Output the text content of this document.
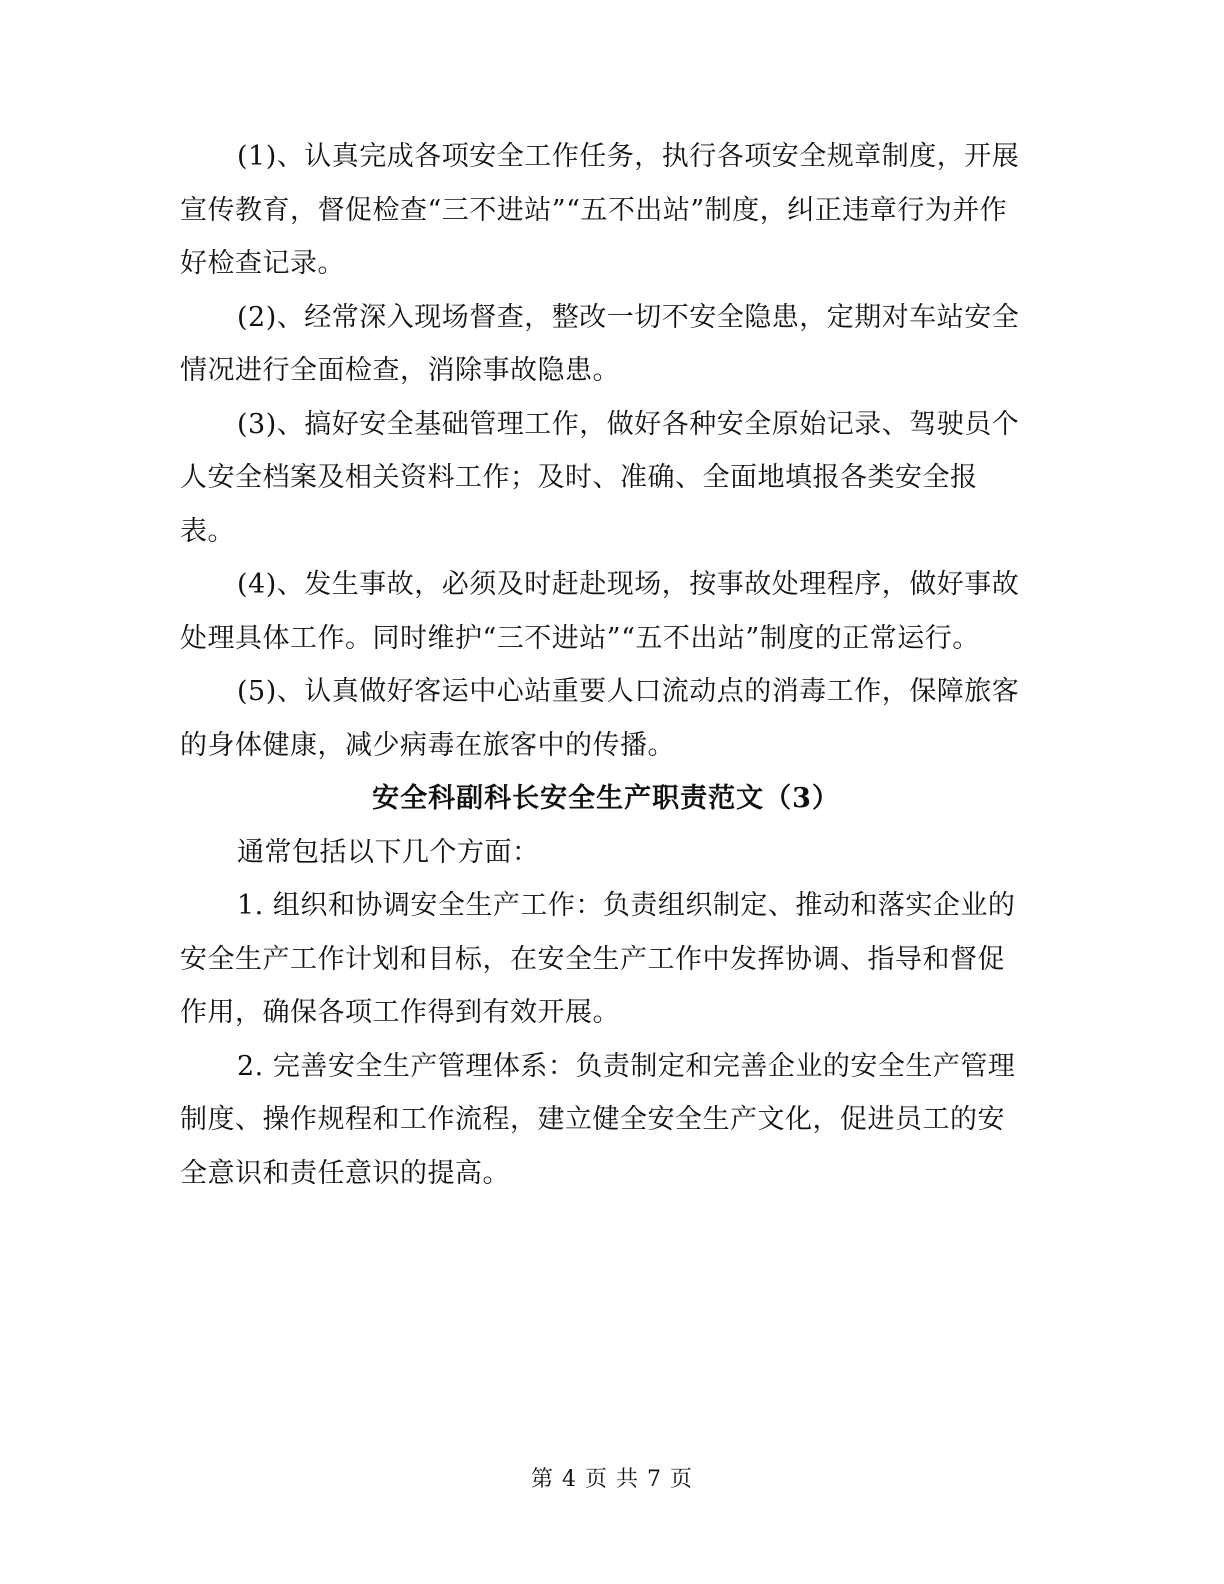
(1)、认真完成各项安全工作任务，执行各项安全规章制度，开展宣传教育，督促检查“三不进站”“五不出站”制度，纠正违章行为并作好检查记录。

(2)、经常深入现场督查，整改一切不安全隐患，定期对车站安全情况进行全面检查，消除事故隐患。

(3)、搞好安全基础管理工作，做好各种安全原始记录、驾驶员个人安全档案及相关资料工作；及时、准确、全面地填报各类安全报表。

(4)、发生事故，必须及时赶赴现场，按事故处理程序，做好事故处理具体工作。同时维护“三不进站”“五不出站”制度的正常运行。

(5)、认真做好客运中心站重要人口流动点的消毒工作，保障旅客的身体健康，减少病毒在旅客中的传播。

安全科副科长安全生产职责范文（3）

通常包括以下几个方面：

1. 组织和协调安全生产工作：负责组织制定、推动和落实企业的安全生产工作计划和目标，在安全生产工作中发挥协调、指导和督促作用，确保各项工作得到有效开展。

2. 完善安全生产管理体系：负责制定和完善企业的安全生产管理制度、操作规程和工作流程，建立健全安全生产文化，促进员工的安全意识和责任意识的提高。

第 4 页 共 7 页
